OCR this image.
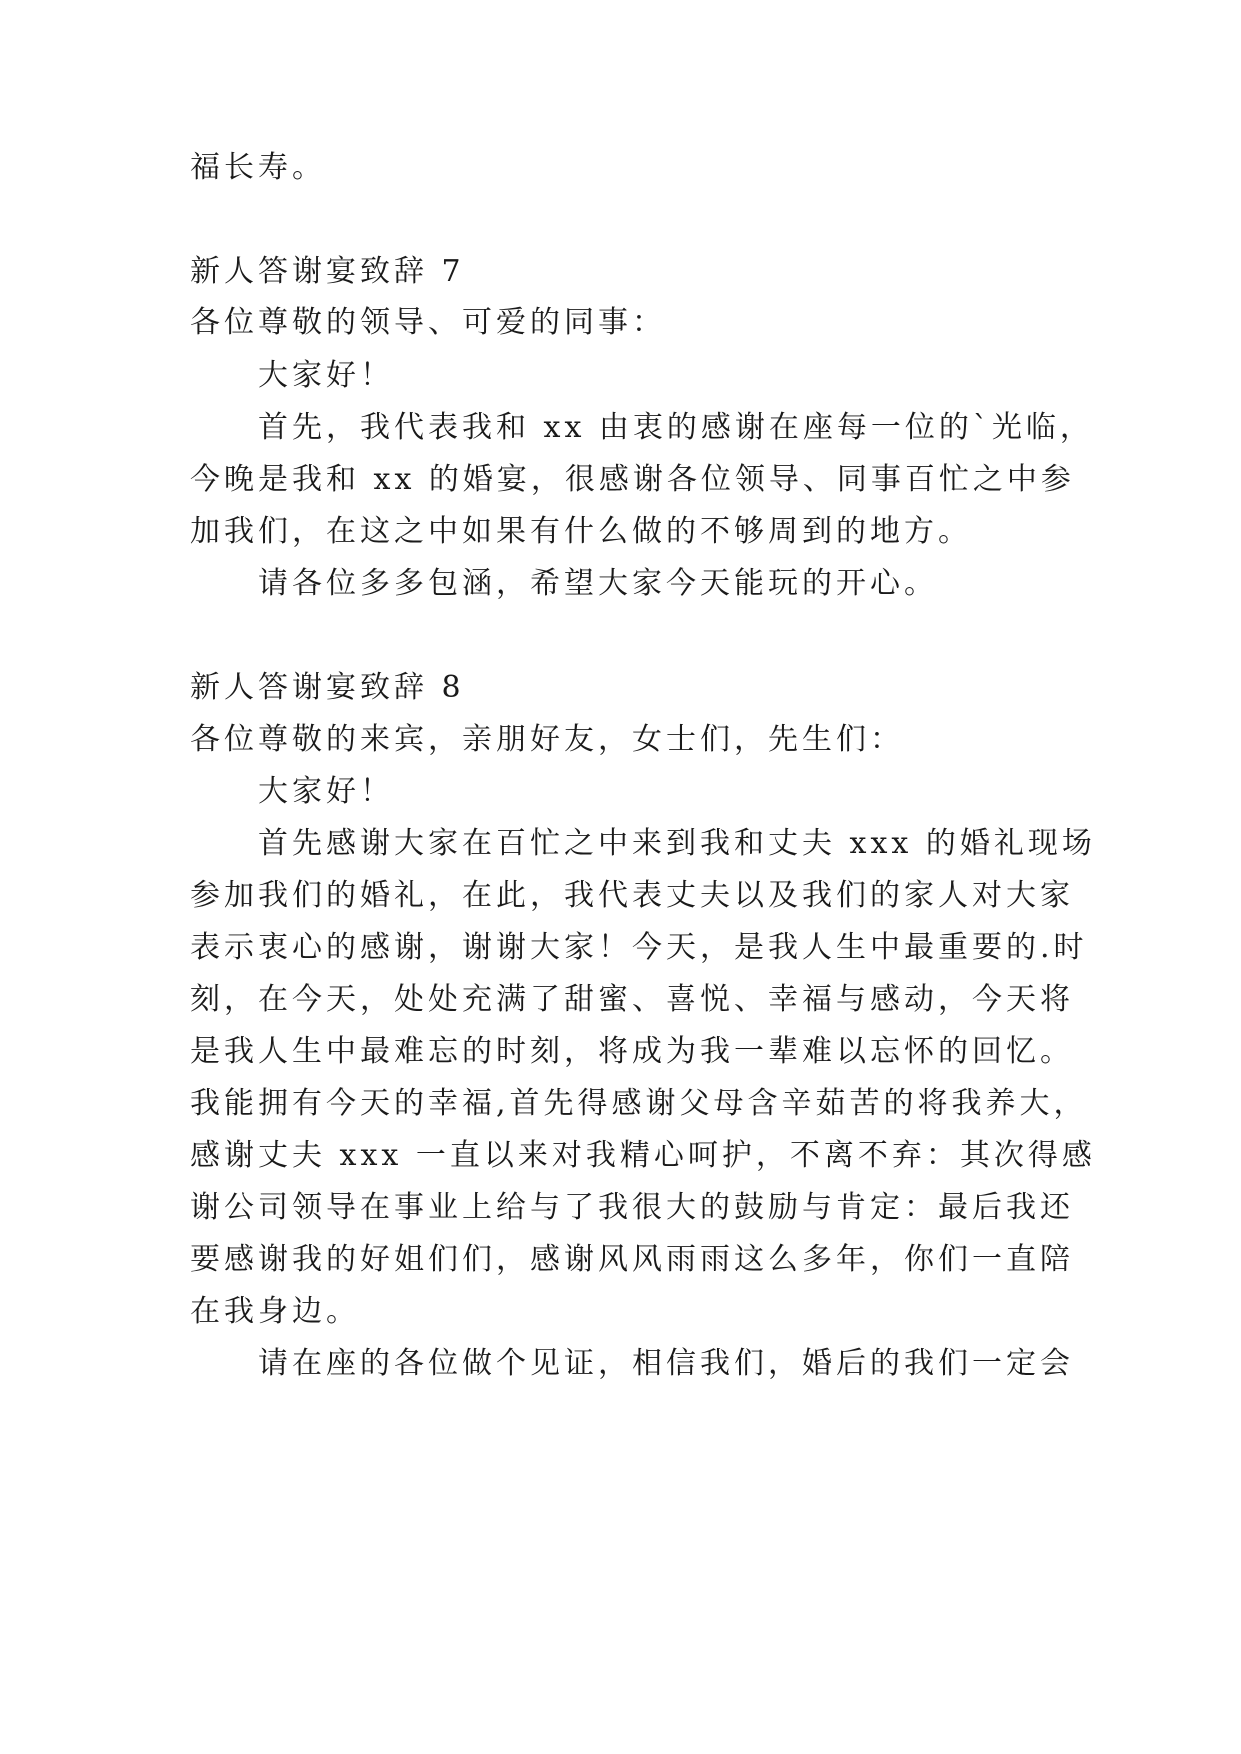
福长寿。
新人答谢宴致辞 7
各位尊敬的领导、可爱的同事：
大家好！
首先，我代表我和 xx 由衷的感谢在座每一位的`光临，
今晚是我和 xx 的婚宴，很感谢各位领导、同事百忙之中参
加我们，在这之中如果有什么做的不够周到的地方。
请各位多多包涵，希望大家今天能玩的开心。
新人答谢宴致辞 8
各位尊敬的来宾，亲朋好友，女士们，先生们：
大家好！
首先感谢大家在百忙之中来到我和丈夫 xxx 的婚礼现场
参加我们的婚礼，在此，我代表丈夫以及我们的家人对大家
表示衷心的感谢，谢谢大家！今天，是我人生中最重要的.时
刻，在今天，处处充满了甜蜜、喜悦、幸福与感动，今天将
是我人生中最难忘的时刻，将成为我一辈难以忘怀的回忆。
我能拥有今天的幸福,首先得感谢父母含辛茹苦的将我养大，
感谢丈夫 xxx 一直以来对我精心呵护，不离不弃：其次得感
谢公司领导在事业上给与了我很大的鼓励与肯定：最后我还
要感谢我的好姐们们，感谢风风雨雨这么多年，你们一直陪
在我身边。
请在座的各位做个见证，相信我们，婚后的我们一定会
